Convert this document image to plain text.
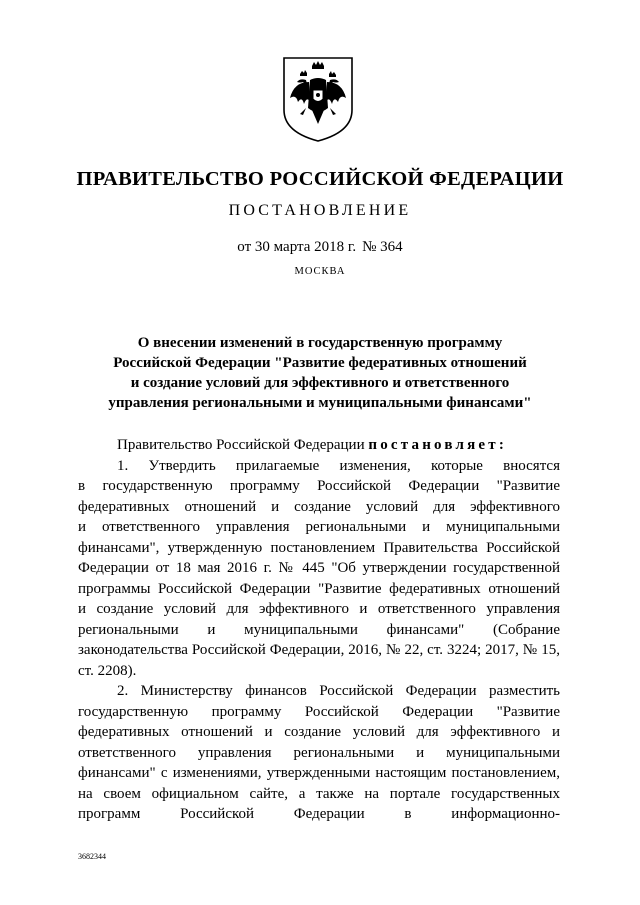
ПРАВИТЕЛЬСТВО РОССИЙСКОЙ ФЕДЕРАЦИИ
ПОСТАНОВЛЕНИЕ
от 30 марта 2018 г. № 364
МОСКВА
О внесении изменений в государственную программу
Российской Федерации "Развитие федеративных отношений
и создание условий для эффективного и ответственного
управления региональными и муниципальными финансами"
Правительство Российской Федерации постановляет:
1. Утвердить прилагаемые изменения, которые вносятся
в государственную программу Российской Федерации "Развитие
федеративных отношений и создание условий для эффективного
и ответственного управления региональными и муниципальными
финансами", утвержденную постановлением Правительства Российской
Федерации от 18 мая 2016 г. № 445 "Об утверждении государственной
программы Российской Федерации "Развитие федеративных отношений
и создание условий для эффективного и ответственного управления
региональными и муниципальными финансами" (Собрание
законодательства Российской Федерации, 2016, № 22, ст. 3224; 2017, № 15,
ст. 2208).
2. Министерству финансов Российской Федерации разместить
государственную программу Российской Федерации "Развитие
федеративных отношений и создание условий для эффективного и
ответственного управления региональными и муниципальными
финансами" с изменениями, утвержденными настоящим постановлением,
на своем официальном сайте, а также на портале государственных
программ Российской Федерации в информационно-
3682344
